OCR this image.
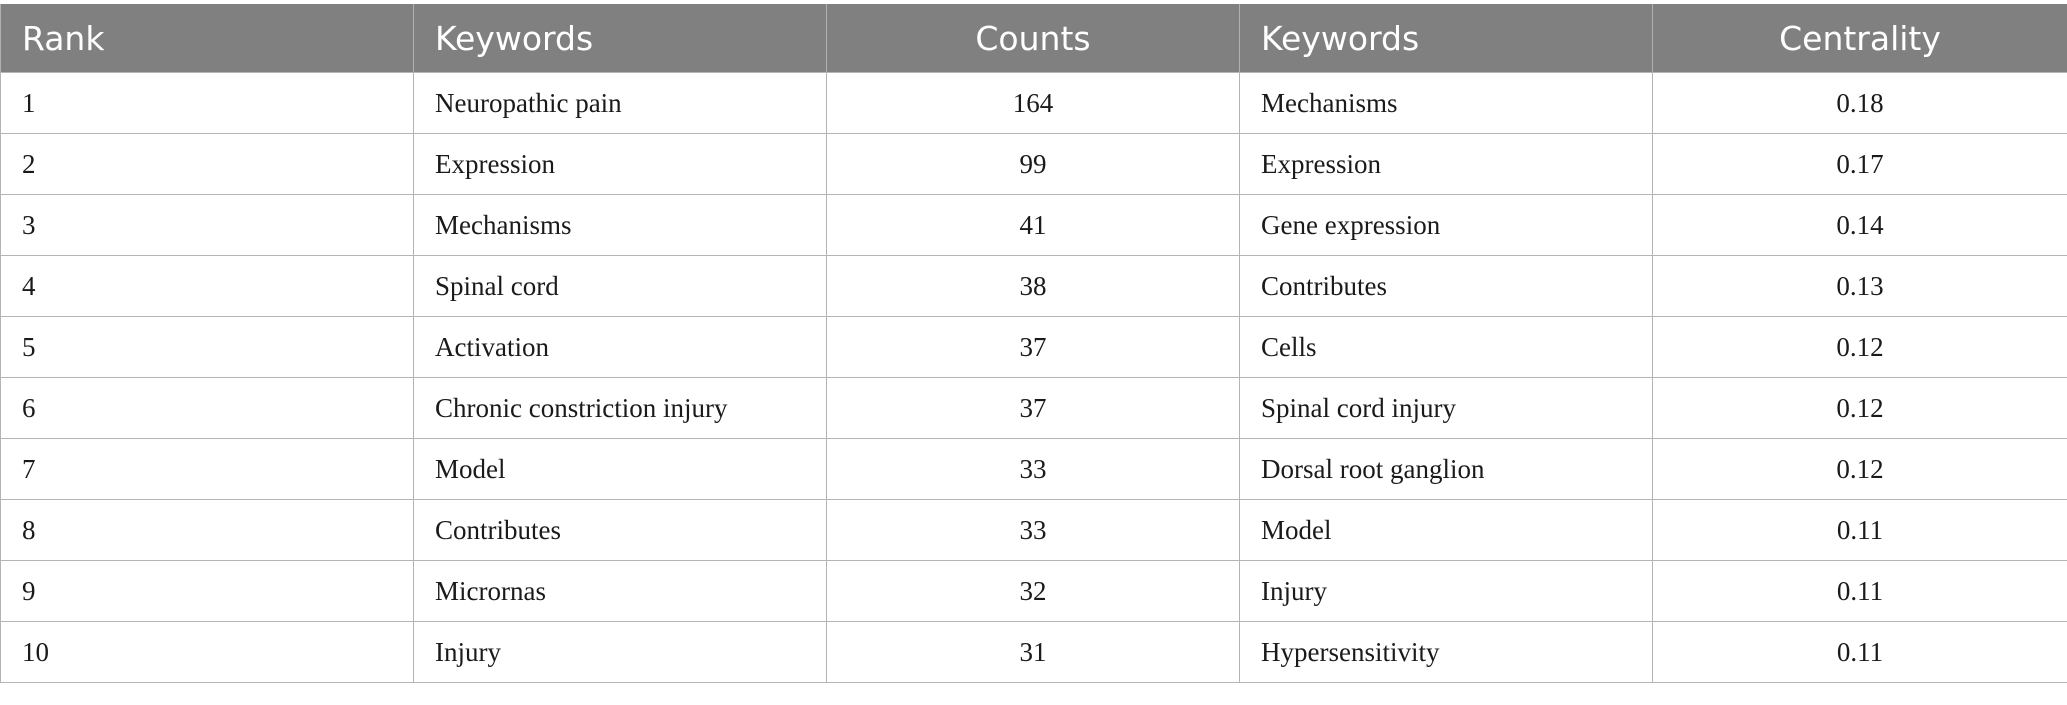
Rank	Keywords	Counts	Keywords	Centrality
1	Neuropathic pain	164	Mechanisms	0.18
2	Expression	99	Expression	0.17
3	Mechanisms	41	Gene expression	0.14
4	Spinal cord	38	Contributes	0.13
5	Activation	37	Cells	0.12
6	Chronic constriction injury	37	Spinal cord injury	0.12
7	Model	33	Dorsal root ganglion	0.12
8	Contributes	33	Model	0.11
9	Micrornas	32	Injury	0.11
10	Injury	31	Hypersensitivity	0.11
